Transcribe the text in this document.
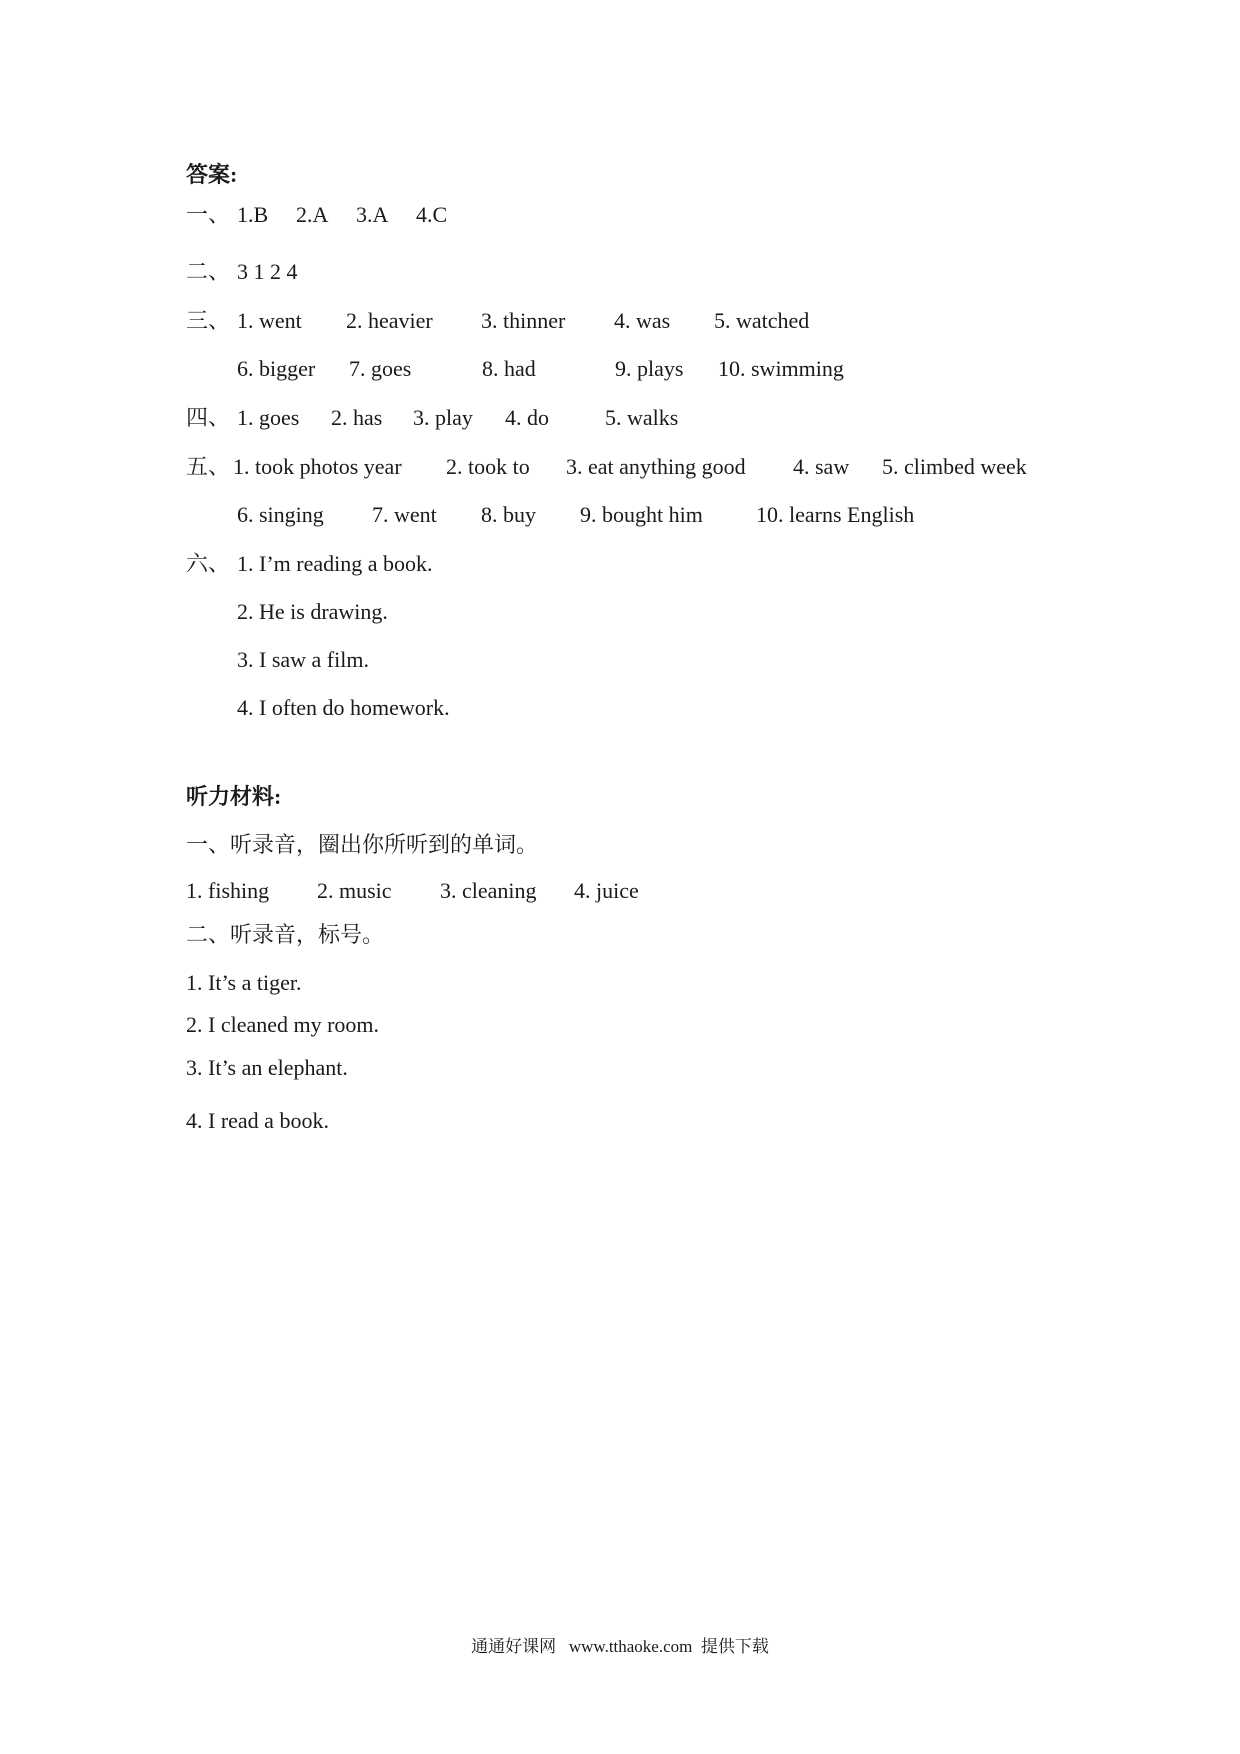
答案:
一、 1.B 2.A 3.A 4.C
二、 3 1 2 4
三、 1. went 2. heavier 3. thinner 4. was 5. watched
6. bigger 7. goes	8. had	9. plays 10. swimming
四、 1. goes 2. has 3. play 4. do	5. walks
五、 1. took photos year 2. took to 3. eat anything good 4. saw 5. climbed week
6. singing 7. went 8. buy 9. bought him 10. learns English
六、 1. I’m reading a book.
2. He is drawing.
3. I saw a film.
4. I often do homework.
听力材料:
一、听录音，圈出你所听到的单词。
1. fishing 2. music 3. cleaning 4. juice
二、听录音，标号。
1. It’s a tiger.
2. I cleaned my room.
3. It’s an elephant.
4. I read a book.
通通好课网   www.tthaoke.com  提供下载
